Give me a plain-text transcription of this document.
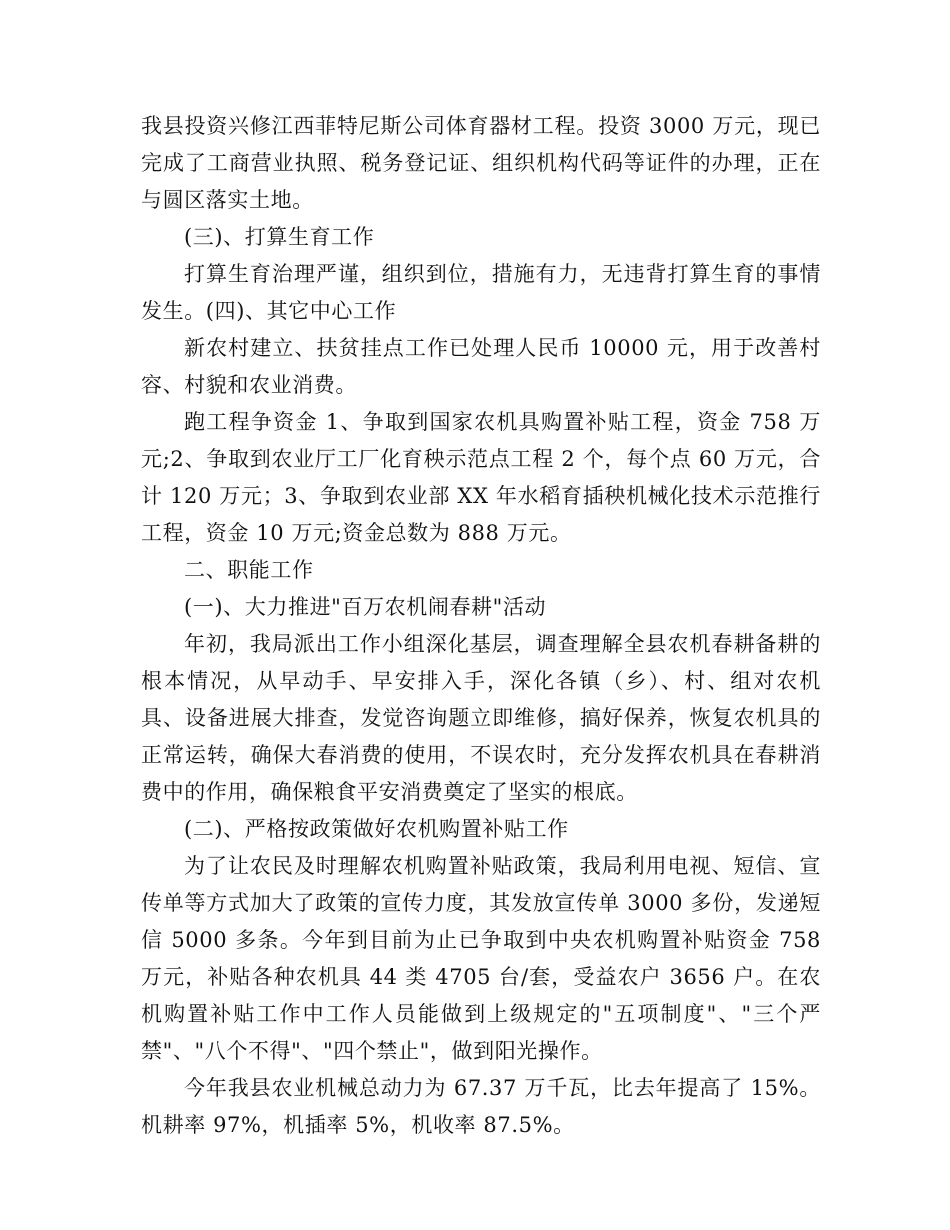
我县投资兴修江西菲特尼斯公司体育器材工程。投资 3000 万元，现已完成了工商营业执照、税务登记证、组织机构代码等证件的办理，正在与圆区落实土地。

(三)、打算生育工作

打算生育治理严谨，组织到位，措施有力，无违背打算生育的事情发生。(四)、其它中心工作

新农村建立、扶贫挂点工作已处理人民币 10000 元，用于改善村容、村貌和农业消费。

跑工程争资金 1、争取到国家农机具购置补贴工程，资金 758 万元;2、争取到农业厅工厂化育秧示范点工程 2 个，每个点 60 万元，合计 120 万元；3、争取到农业部 XX 年水稻育插秧机械化技术示范推行工程，资金 10 万元;资金总数为 888 万元。

二、职能工作

(一)、大力推进"百万农机闹春耕"活动

年初，我局派出工作小组深化基层，调查理解全县农机春耕备耕的根本情况，从早动手、早安排入手，深化各镇（乡）、村、组对农机具、设备进展大排查，发觉咨询题立即维修，搞好保养，恢复农机具的正常运转，确保大春消费的使用，不误农时，充分发挥农机具在春耕消费中的作用，确保粮食平安消费奠定了坚实的根底。

(二)、严格按政策做好农机购置补贴工作

为了让农民及时理解农机购置补贴政策，我局利用电视、短信、宣传单等方式加大了政策的宣传力度，其发放宣传单 3000 多份，发递短信 5000 多条。今年到目前为止已争取到中央农机购置补贴资金 758 万元，补贴各种农机具 44 类 4705 台/套，受益农户 3656 户。在农机购置补贴工作中工作人员能做到上级规定的"五项制度"、"三个严禁"、"八个不得"、"四个禁止"，做到阳光操作。

今年我县农业机械总动力为 67.37 万千瓦，比去年提高了 15%。机耕率 97%，机插率 5%，机收率 87.5%。
